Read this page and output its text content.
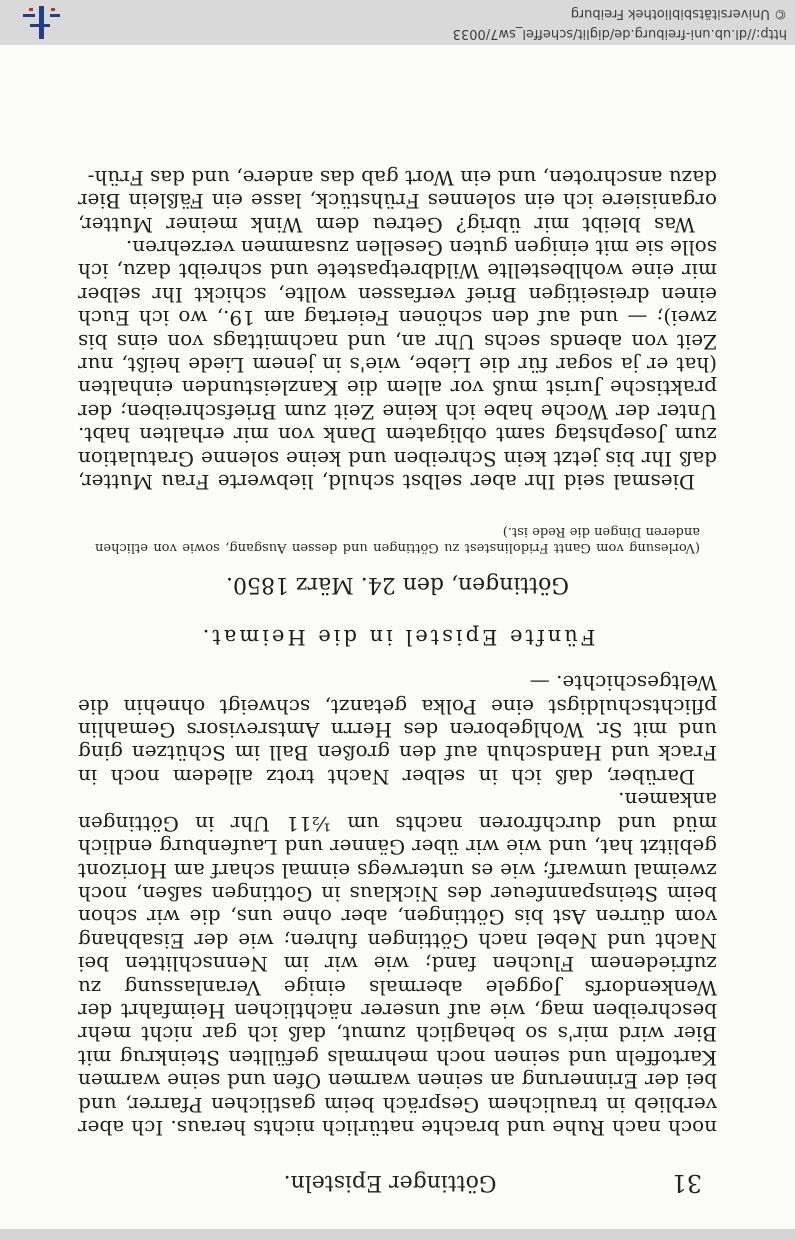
Göttinger Episteln.	31

noch nach Ruhe und brachte natürlich nichts heraus. Ich aber verblieb in traulichem Gespräch beim gastlichen Pfarrer, und bei der Erinnerung an seinen warmen Ofen und seine warmen Kartoffeln und seinen noch mehrmals gefüllten Steinkrug mit Bier wird mir's so behaglich zumut, daß ich gar nicht mehr beschreiben mag, wie auf unserer nächtlichen Heimfahrt der Wenkendorfs Joggele abermals einige Veranlassung zu zufriedenem Fluchen fand; wie wir im Nennschlitten bei Nacht und Nebel nach Göttingen fuhren; wie der Eisabhang vom dürren Ast bis Göttingen, aber ohne uns, die wir schon beim Steinspannfeuer des Nicklaus in Gottingen saßen, noch zweimal umwarf; wie es unterwegs einmal scharf am Horizont geblitzt hat, und wie wir über Gänner und Laufenburg endlich müd und durchfroren nachts um ½11 Uhr in Göttingen ankamen.

Darüber, daß ich in selber Nacht trotz alledem noch in Frack und Handschuh auf den großen Ball im Schützen ging und mit Sr. Wohlgeboren des Herrn Amtsrevisors Gemahlin pflichtschuldigst eine Polka getanzt, schweigt ohnehin die Weltgeschichte. —

Fünfte Epistel in die Heimat.
Göttingen, den 24. März 1850.
(Vorlesung vom Gantt Fridolinstest zu Göttingen und dessen Ausgang, sowie von etlichen anderen Dingen die Rede ist.)

Diesmal seid Ihr aber selbst schuld, liebwerte Frau Mutter, daß Ihr bis jetzt kein Schreiben und keine solenne Gratulation zum Josephstag samt obligatem Dank von mir erhalten habt. Unter der Woche habe ich keine Zeit zum Briefschreiben; der praktische Jurist muß vor allem die Kanzleistunden einhalten (hat er ja sogar für die Liebe, wie's in jenem Liede heißt, nur Zeit von abends sechs Uhr an, und nachmittags von eins bis zwei); — und auf den schönen Feiertag am 19., wo ich Euch einen dreiseitigen Brief verfassen wollte, schickt Ihr selber mir eine wohlbestellte Wildbretpastete und schreibt dazu, ich solle sie mit einigen guten Gesellen zusammen verzehren.

Was bleibt mir übrig? Getreu dem Wink meiner Mutter, organisiere ich ein solennes Frühstück, lasse ein Fäßlein Bier dazu anschroten, und ein Wort gab das andere, und das Früh-

http://dl.ub.uni-freiburg.de/diglit/scheffel_sw7/0033
© Universitätsbibliothek Freiburg
